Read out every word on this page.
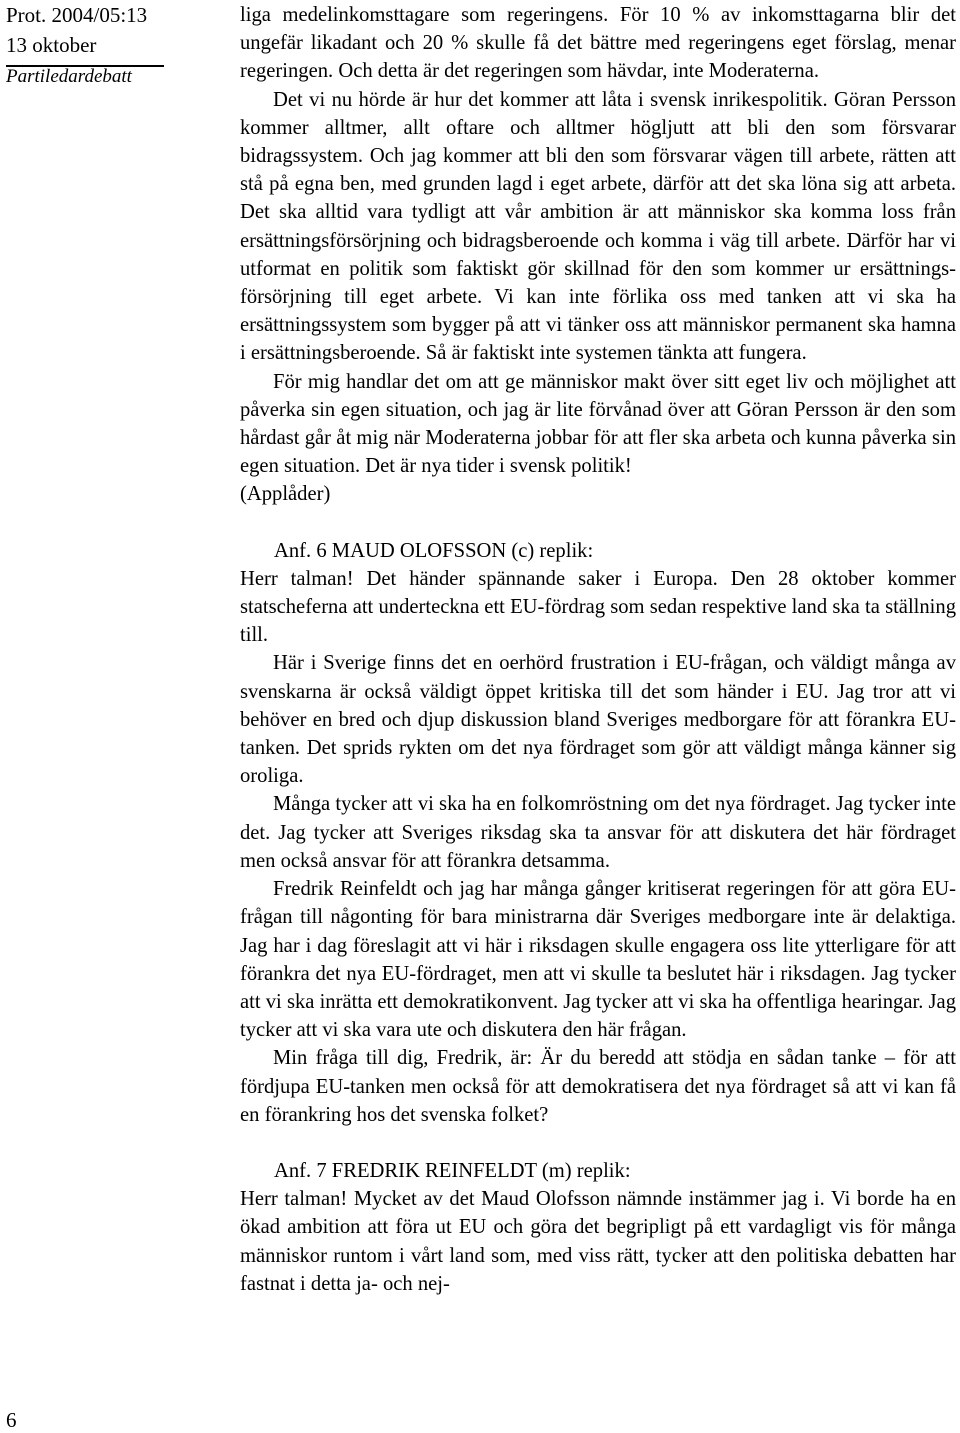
Prot. 2004/05:13
13 oktober
Partiledardebatt
6

liga medelinkomsttagare som regeringens. För 10 % av inkomsttagarna blir det ungefär likadant och 20 % skulle få det bättre med regeringens eget förslag, menar regeringen. Och detta är det regeringen som hävdar, inte Moderaterna.

Det vi nu hörde är hur det kommer att låta i svensk inrikespolitik. Göran Persson kommer alltmer, allt oftare och alltmer högljutt att bli den som försvarar bidragssystem. Och jag kommer att bli den som försvarar vägen till arbete, rätten att stå på egna ben, med grunden lagd i eget arbete, därför att det ska löna sig att arbeta. Det ska alltid vara tydligt att vår ambition är att människor ska komma loss från ersättningsförsörjning och bidragsberoende och komma i väg till arbete. Därför har vi utformat en politik som faktiskt gör skillnad för den som kommer ur ersättningsförsörjning till eget arbete. Vi kan inte förlika oss med tanken att vi ska ha ersättningssystem som bygger på att vi tänker oss att människor permanent ska hamna i ersättningsberoende. Så är faktiskt inte systemen tänkta att fungera.

För mig handlar det om att ge människor makt över sitt eget liv och möjlighet att påverka sin egen situation, och jag är lite förvånad över att Göran Persson är den som hårdast går åt mig när Moderaterna jobbar för att fler ska arbeta och kunna påverka sin egen situation. Det är nya tider i svensk politik!

(Applåder)

Anf. 6 MAUD OLOFSSON (c) replik:

Herr talman! Det händer spännande saker i Europa. Den 28 oktober kommer statscheferna att underteckna ett EU-fördrag som sedan respektive land ska ta ställning till.

Här i Sverige finns det en oerhörd frustration i EU-frågan, och väldigt många av svenskarna är också väldigt öppet kritiska till det som händer i EU. Jag tror att vi behöver en bred och djup diskussion bland Sveriges medborgare för att förankra EU-tanken. Det sprids rykten om det nya fördraget som gör att väldigt många känner sig oroliga.

Många tycker att vi ska ha en folkomröstning om det nya fördraget. Jag tycker inte det. Jag tycker att Sveriges riksdag ska ta ansvar för att diskutera det här fördraget men också ansvar för att förankra detsamma.

Fredrik Reinfeldt och jag har många gånger kritiserat regeringen för att göra EU-frågan till någonting för bara ministrarna där Sveriges medborgare inte är delaktiga. Jag har i dag föreslagit att vi här i riksdagen skulle engagera oss lite ytterligare för att förankra det nya EU-fördraget, men att vi skulle ta beslutet här i riksdagen. Jag tycker att vi ska inrätta ett demokratikonvent. Jag tycker att vi ska ha offentliga hearingar. Jag tycker att vi ska vara ute och diskutera den här frågan.

Min fråga till dig, Fredrik, är: Är du beredd att stödja en sådan tanke – för att fördjupa EU-tanken men också för att demokratisera det nya fördraget så att vi kan få en förankring hos det svenska folket?

Anf. 7 FREDRIK REINFELDT (m) replik:

Herr talman! Mycket av det Maud Olofsson nämnde instämmer jag i. Vi borde ha en ökad ambition att föra ut EU och göra det begripligt på ett vardagligt vis för många människor runtom i vårt land som, med viss rätt, tycker att den politiska debatten har fastnat i detta ja- och nej-
